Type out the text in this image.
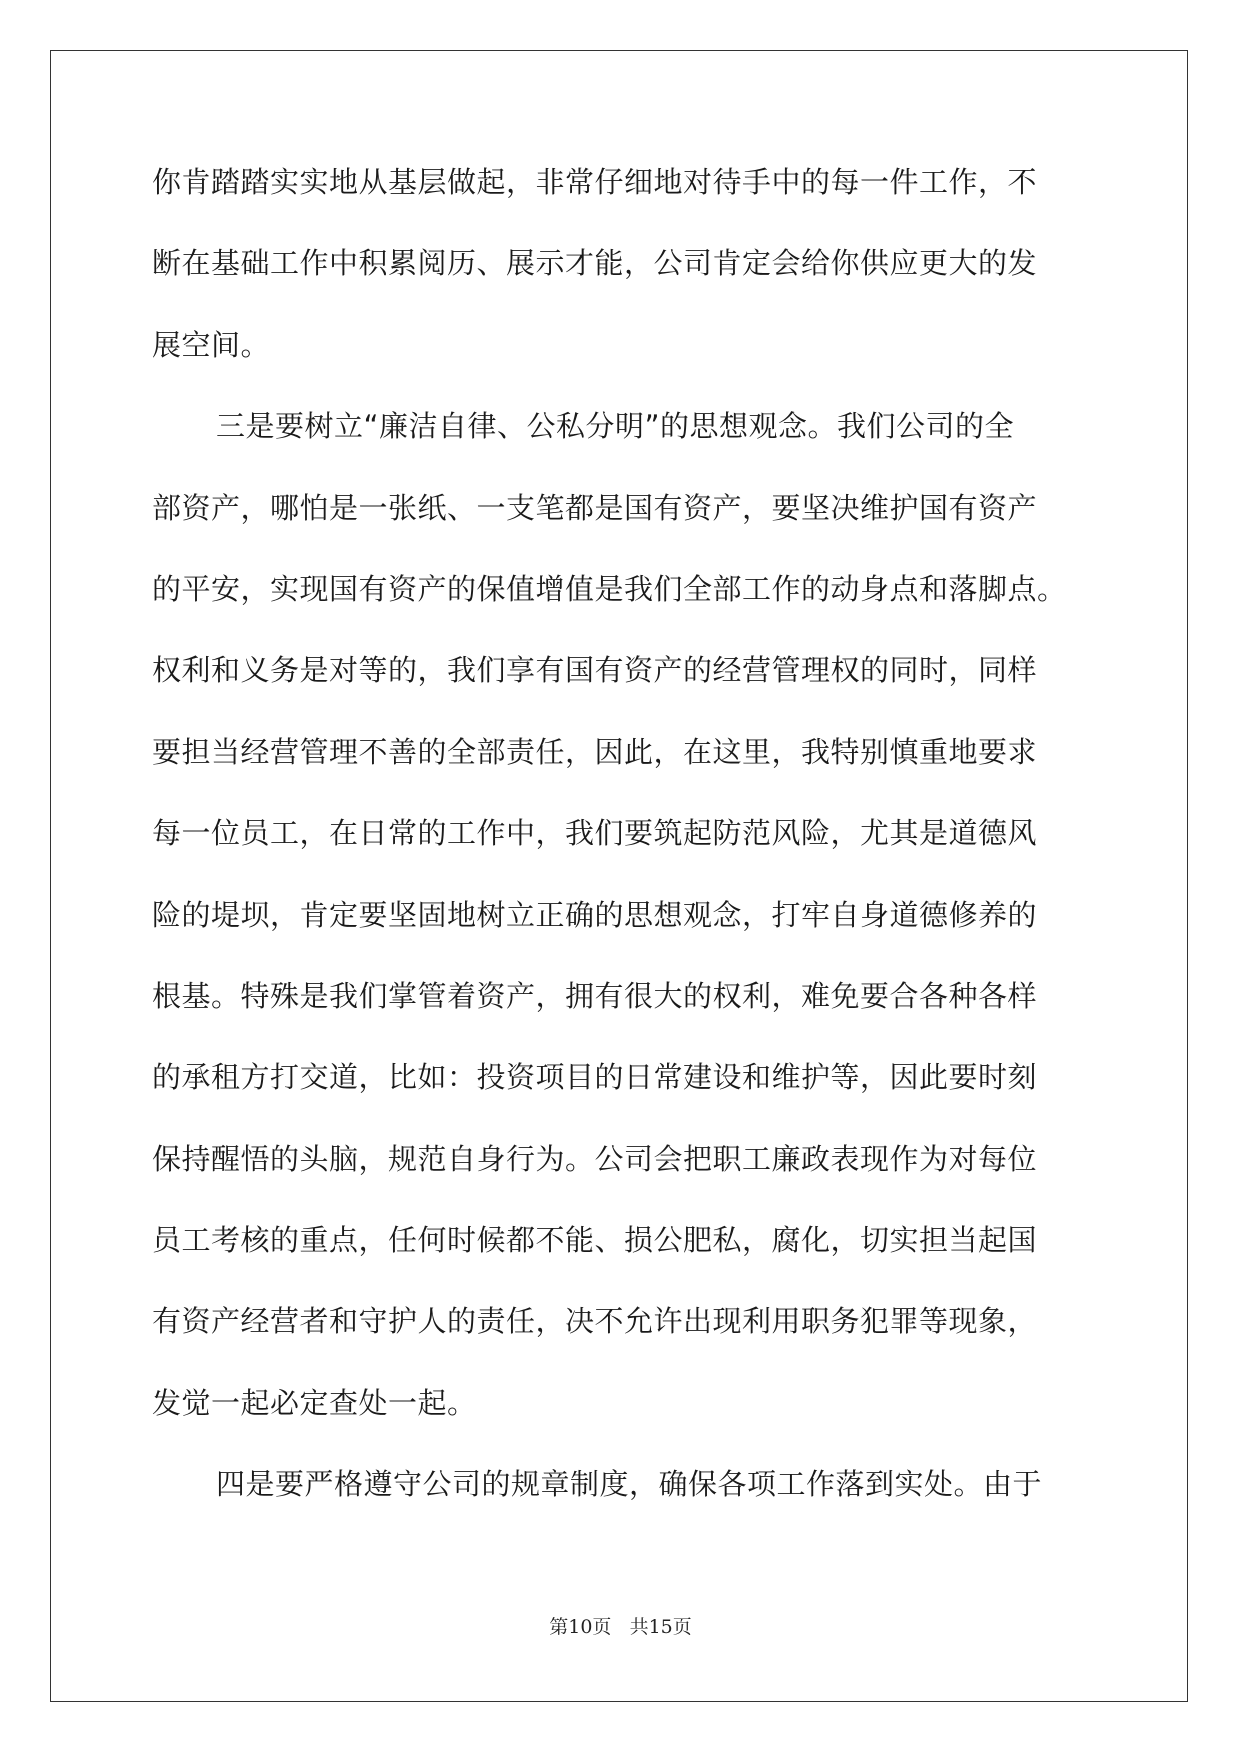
你肯踏踏实实地从基层做起，非常仔细地对待手中的每一件工作，不
断在基础工作中积累阅历、展示才能，公司肯定会给你供应更大的发
展空间。
三是要树立“廉洁自律、公私分明”的思想观念。我们公司的全
部资产，哪怕是一张纸、一支笔都是国有资产，要坚决维护国有资产
的平安，实现国有资产的保值增值是我们全部工作的动身点和落脚点。
权利和义务是对等的，我们享有国有资产的经营管理权的同时，同样
要担当经营管理不善的全部责任，因此，在这里，我特别慎重地要求
每一位员工，在日常的工作中，我们要筑起防范风险，尤其是道德风
险的堤坝，肯定要坚固地树立正确的思想观念，打牢自身道德修养的
根基。特殊是我们掌管着资产，拥有很大的权利，难免要合各种各样
的承租方打交道，比如：投资项目的日常建设和维护等，因此要时刻
保持醒悟的头脑，规范自身行为。公司会把职工廉政表现作为对每位
员工考核的重点，任何时候都不能、损公肥私，腐化，切实担当起国
有资产经营者和守护人的责任，决不允许出现利用职务犯罪等现象，
发觉一起必定查处一起。
四是要严格遵守公司的规章制度，确保各项工作落到实处。由于
第10页 共15页
